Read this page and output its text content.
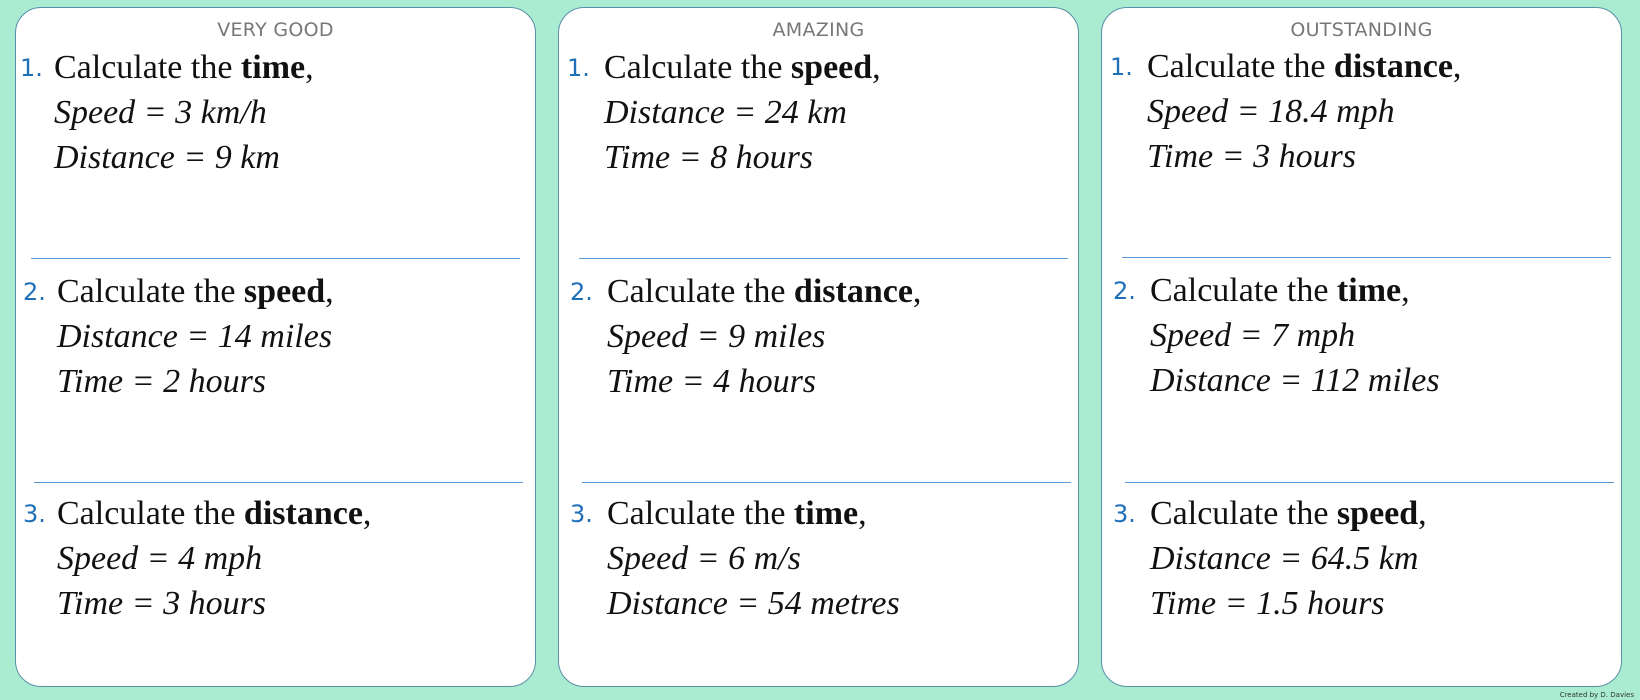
VERY GOOD
1. Calculate the time,
Speed = 3 km/h
Distance = 9 km
2. Calculate the speed,
Distance = 14 miles
Time = 2 hours
3. Calculate the distance,
Speed = 4 mph
Time = 3 hours
AMAZING
1. Calculate the speed,
Distance = 24 km
Time = 8 hours
2. Calculate the distance,
Speed = 9 miles
Time = 4 hours
3. Calculate the time,
Speed = 6 m/s
Distance = 54 metres
OUTSTANDING
1. Calculate the distance,
Speed = 18.4 mph
Time = 3 hours
2. Calculate the time,
Speed = 7 mph
Distance = 112 miles
3. Calculate the speed,
Distance = 64.5 km
Time = 1.5 hours
Created by D. Davies
